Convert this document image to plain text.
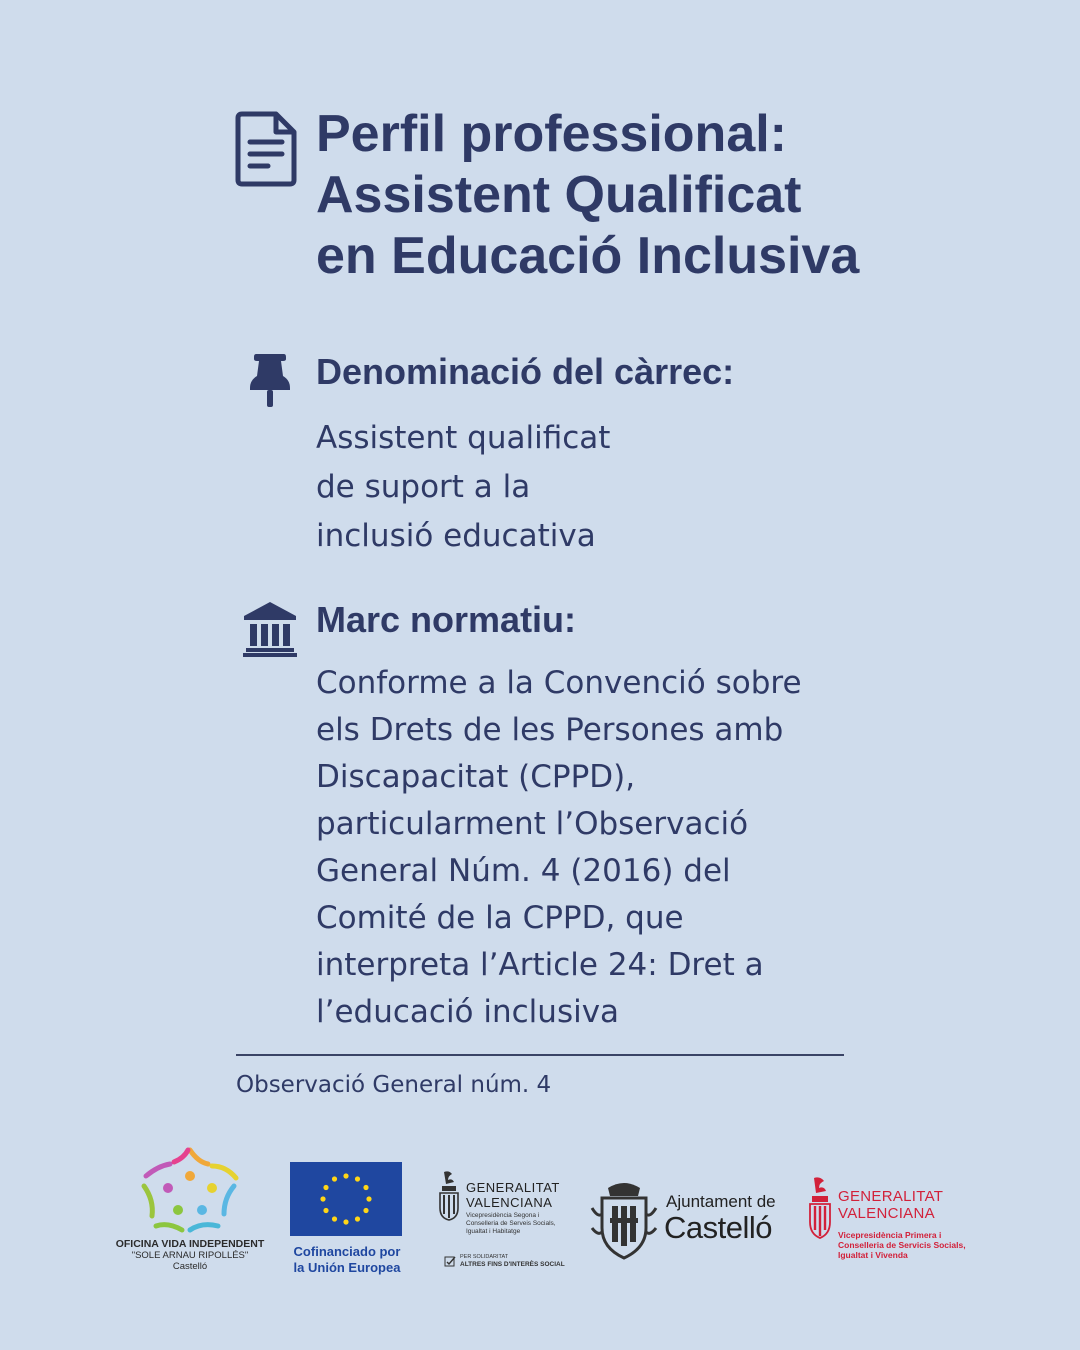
Perfil professional:
Assistent Qualificat
en Educació Inclusiva
Denominació del càrrec:
Assistent qualificat
de suport a la
inclusió educativa
Marc normatiu:
Conforme a la Convenció sobre
els Drets de les Persones amb
Discapacitat (CPPD),
particularment l’Observació
General Núm. 4 (2016) del
Comité de la CPPD, que
interpreta l’Article 24: Dret a
l’educació inclusiva
Observació General núm. 4
OFICINA VIDA INDEPENDENT
"SOLE ARNAU RIPOLLÉS"
Castelló
Cofinanciado por
la Unión Europea
GENERALITAT
VALENCIANA
Vicepresidència Segona i
Conselleria de Serveis Socials,
Igualtat i Habitatge
PER SOLIDARITAT
ALTRES FINS D'INTERÈS SOCIAL
Ajuntament de
Castelló
GENERALITAT
VALENCIANA
Vicepresidència Primera i
Conselleria de Servicis Socials,
Igualtat i Vivenda
